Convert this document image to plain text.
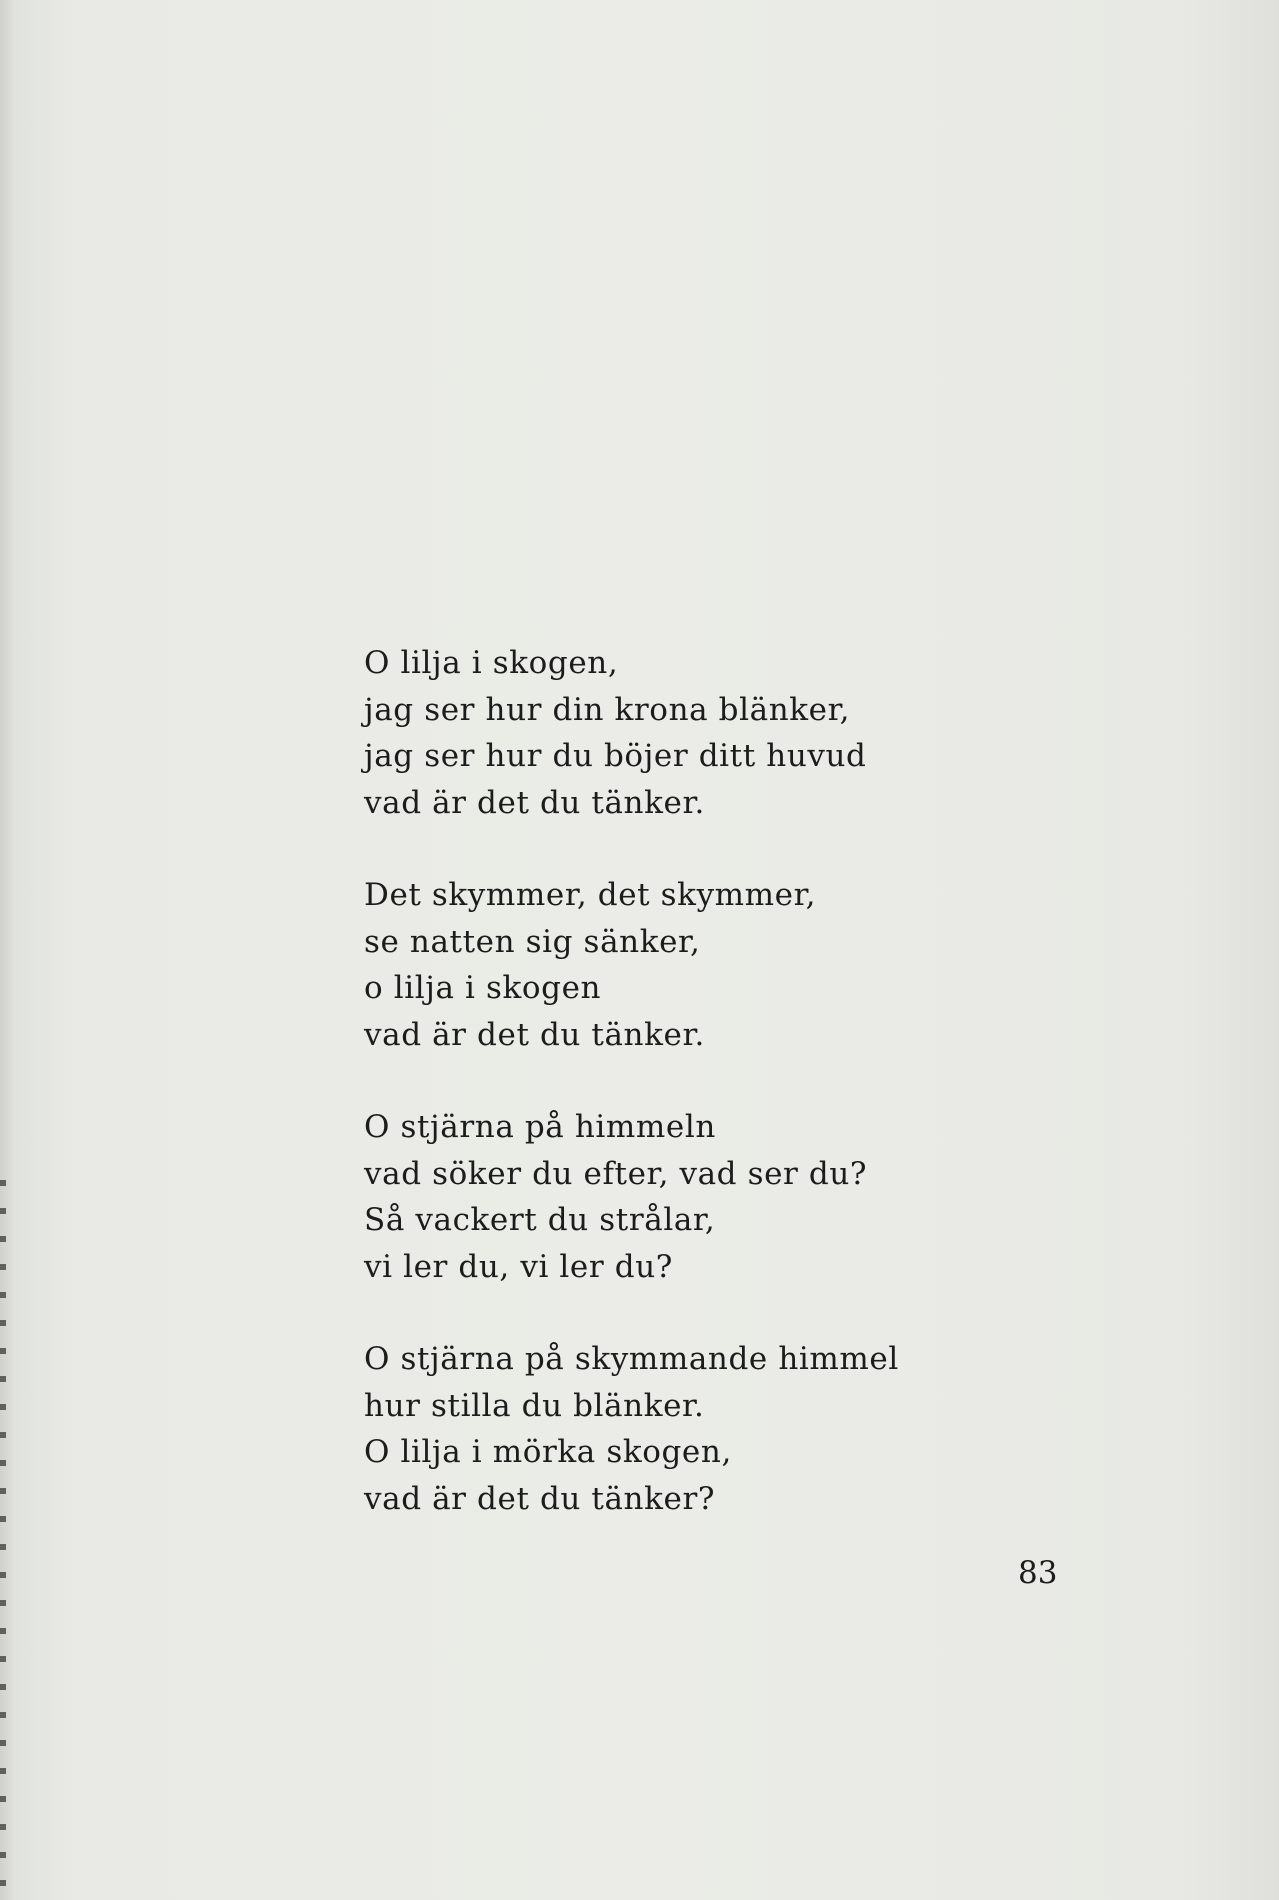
O lilja i skogen,
jag ser hur din krona blänker,
jag ser hur du böjer ditt huvud
vad är det du tänker.
Det skymmer, det skymmer,
se natten sig sänker,
o lilja i skogen
vad är det du tänker.
O stjärna på himmeln
vad söker du efter, vad ser du?
Så vackert du strålar,
vi ler du, vi ler du?
O stjärna på skymmande himmel
hur stilla du blänker.
O lilja i mörka skogen,
vad är det du tänker?
83
